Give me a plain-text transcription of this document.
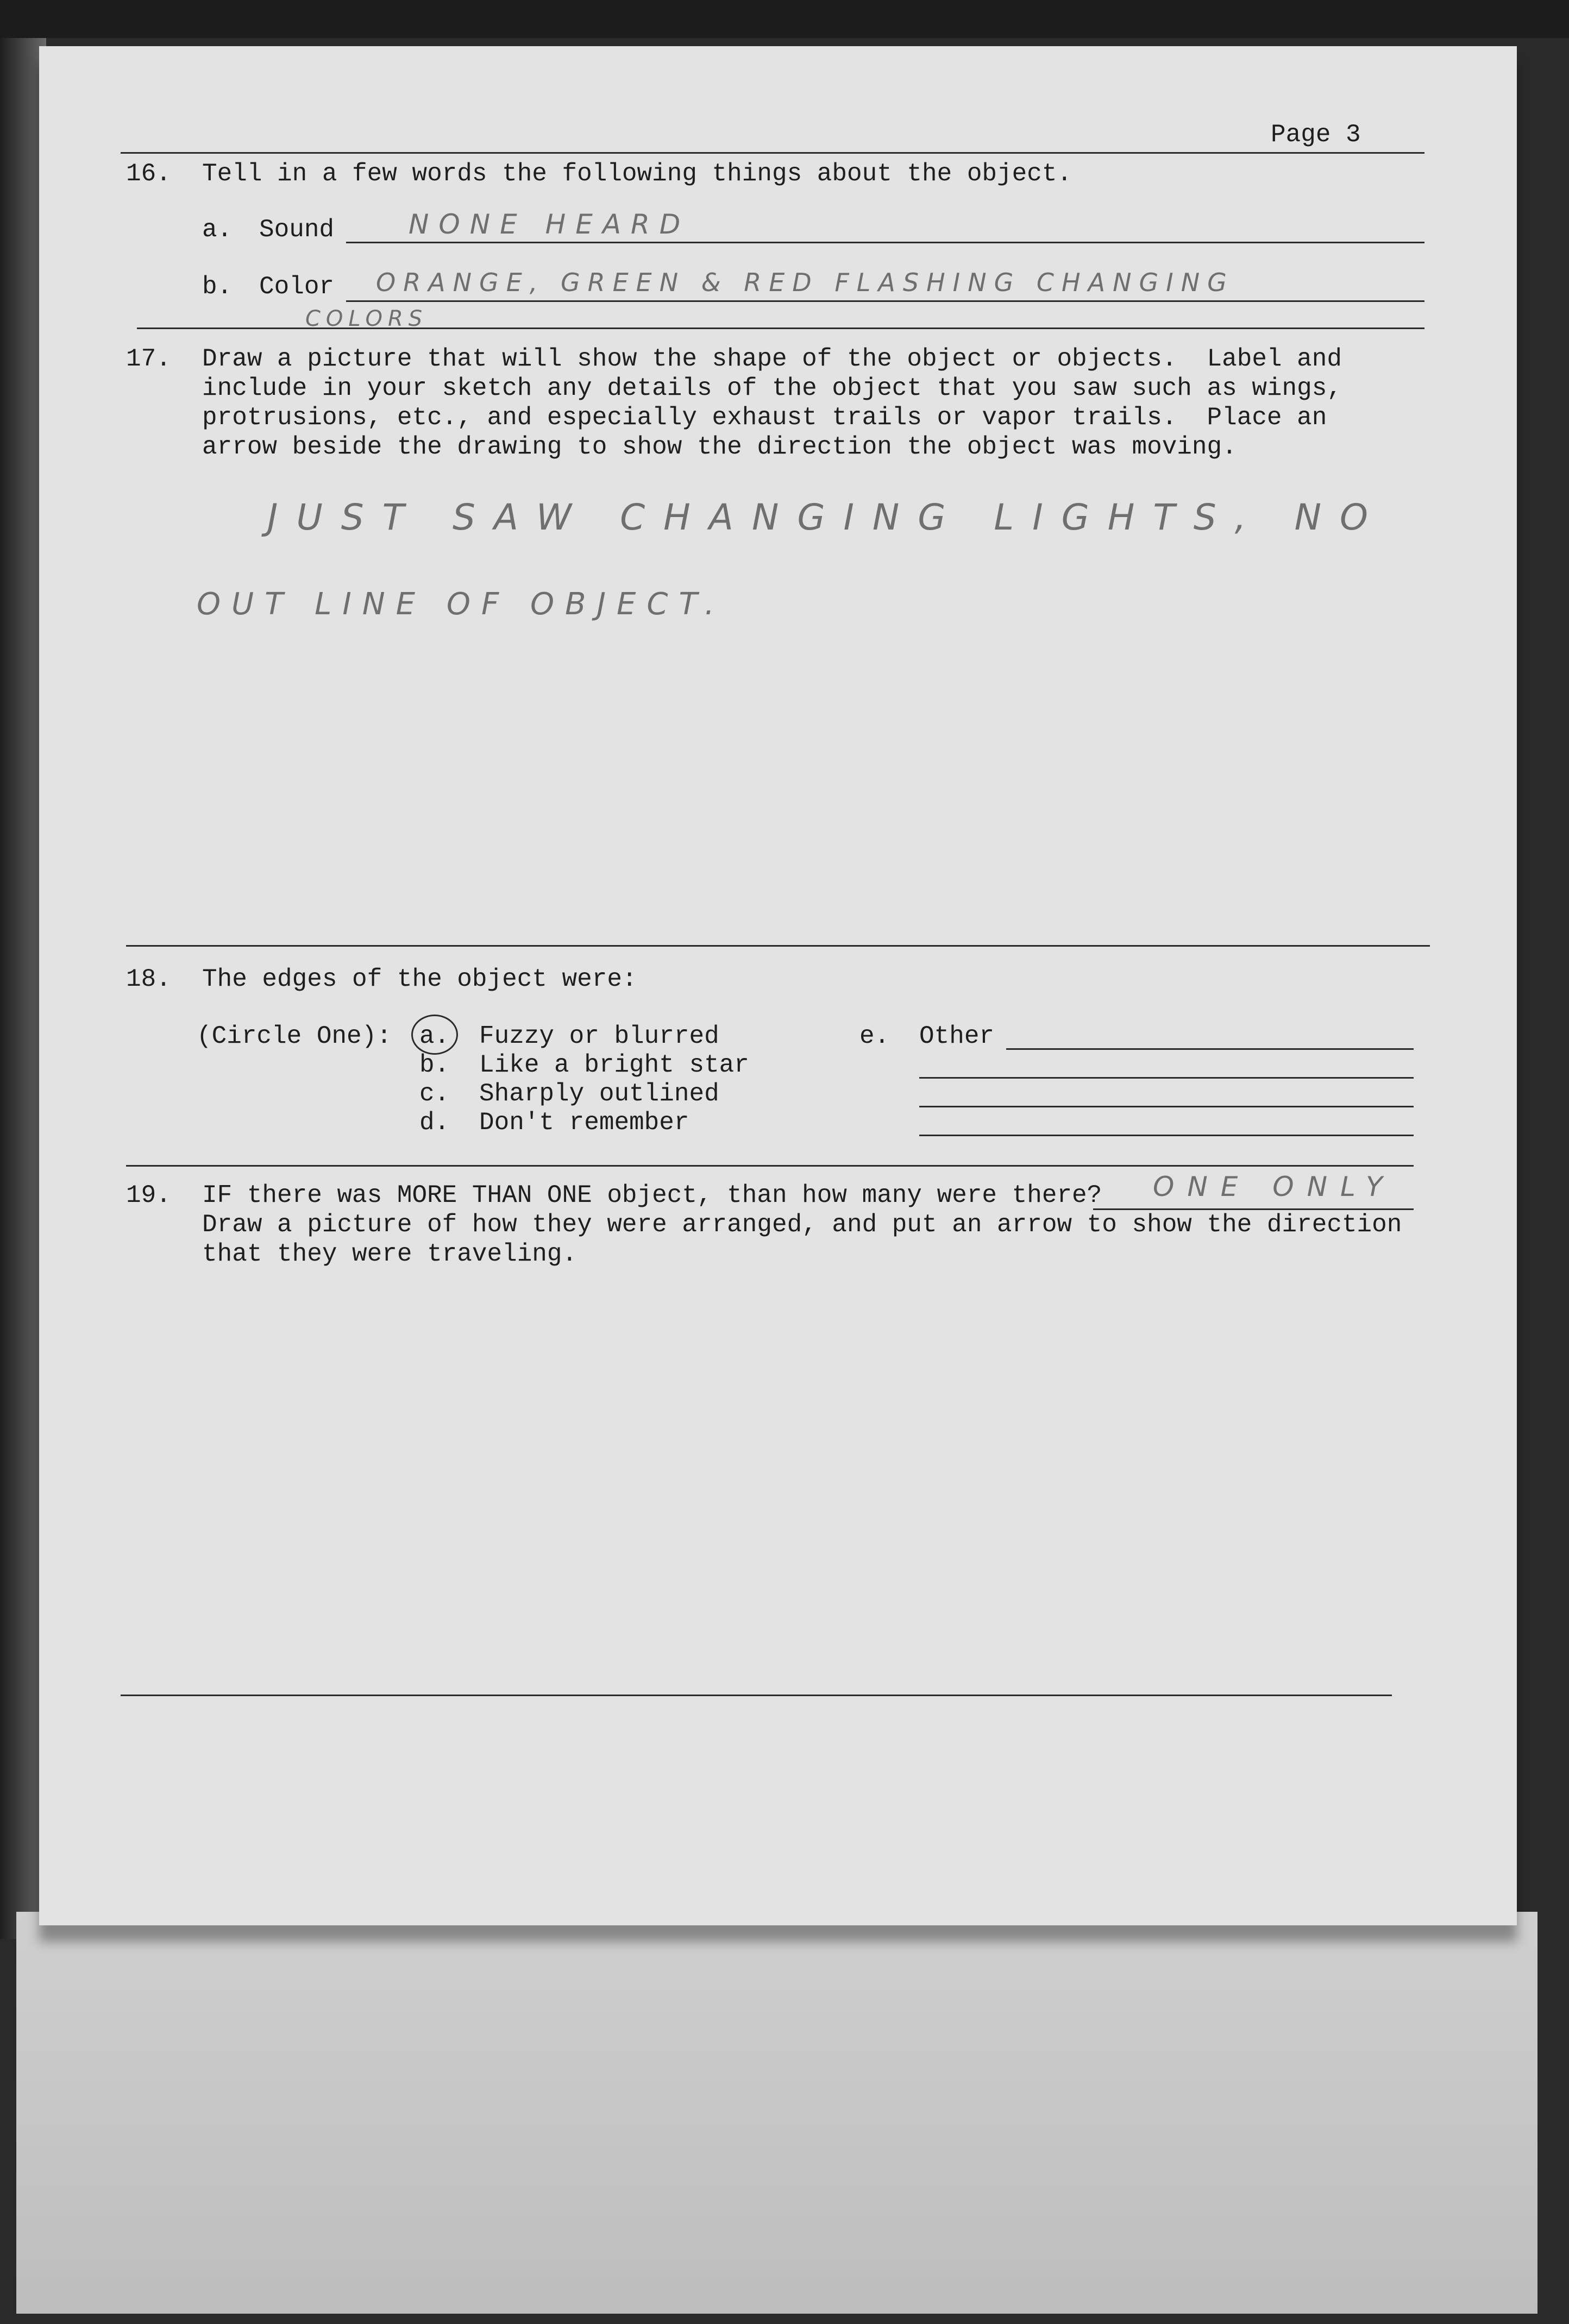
Page 3
16. Tell in a few words the following things about the object.
a. Sound	NONE HEARD
b. Color ORANGE, GREEN & RED FLASHING CHANGING
COLORS
17. Draw a picture that will show the shape of the object or objects.  Label and
include in your sketch any details of the object that you saw such as wings,
protrusions, etc., and especially exhaust trails or vapor trails.  Place an
arrow beside the drawing to show the direction the object was moving.
JUST SAW CHANGING LIGHTS, NO
OUT LINE OF OBJECT.
18. The edges of the object were:
(Circle One): a. Fuzzy or blurred
b. Like a bright star
c. Sharply outlined
d. Don't remember
e. Other
19. IF there was MORE THAN ONE object, than how many were there? ONE ONLY
Draw a picture of how they were arranged, and put an arrow to show the direction
that they were traveling.
